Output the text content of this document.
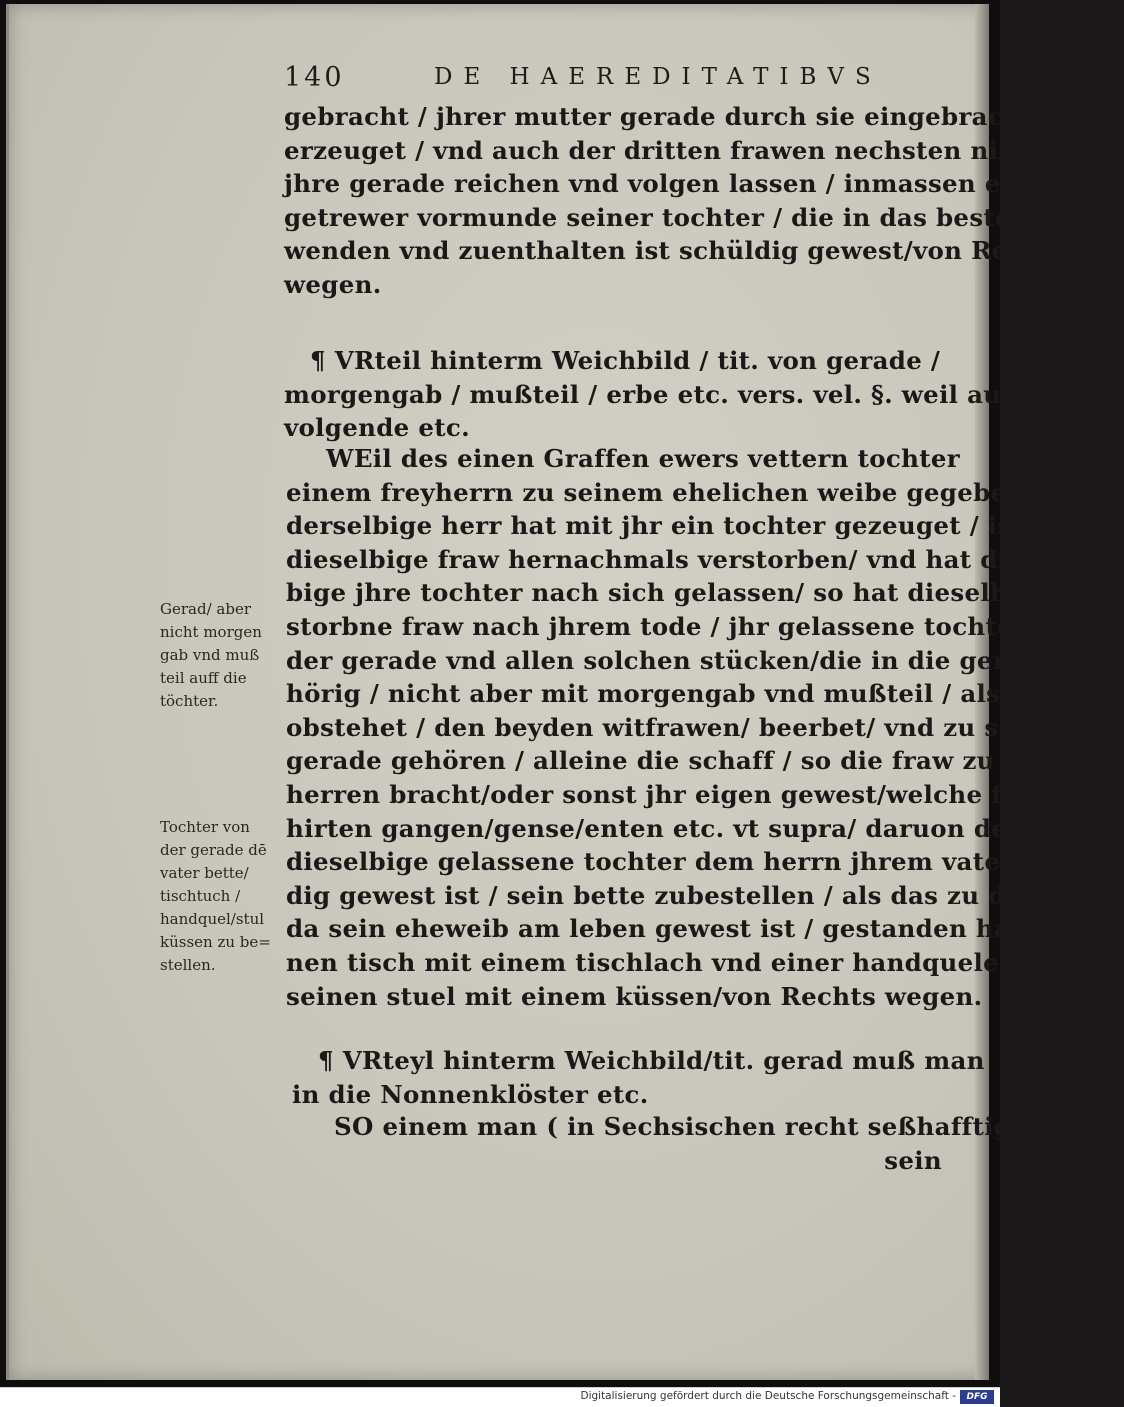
140	DE HAEREDITATIBVS
gebracht / jhrer mutter gerade durch sie eingebracht vnd
erzeuget / vnd auch der dritten frawen nechsten nifftel /
jhre gerade reichen vnd volgen lassen / inmassen er als
getrewer vormunde seiner tochter / die in das beste zu=
wenden vnd zuenthalten ist schüldig gewest/von Rechts
wegen.
¶ VRteil hinterm Weichbild / tit. von gerade /
morgengab / mußteil / erbe etc. vers. vel. §. weil auch
volgende etc.
WEil des einen Graffen ewers vettern tochter
einem freyherrn zu seinem ehelichen weibe gegeben/vnd
derselbige herr hat mit jhr ein tochter gezeuget / ist denn
dieselbige fraw hernachmals verstorben/ vnd hat diesel=
bige jhre tochter nach sich gelassen/ so hat dieselbige ver=
storbne fraw nach jhrem tode / jhr gelassene tochter mit
der gerade vnd allen solchen stücken/die in die gerade ge=
hörig / nicht aber mit morgengab vnd mußteil / als wie
obstehet / den beyden witfrawen/ beerbet/ vnd zu solcher
gerade gehören / alleine die schaff / so die fraw zu jhrem
herren bracht/oder sonst jhr eigen gewest/welche für den
hirten gangen/gense/enten etc. vt supra/ daruon denn
dieselbige gelassene tochter dem herrn jhrem vater schül=
dig gewest ist / sein bette zubestellen / als das zu der zeit/
da sein eheweib am leben gewest ist / gestanden hat / sei=
nen tisch mit einem tischlach vnd einer handquelen/vnd
seinen stuel mit einem küssen/von Rechts wegen.
Gerad/ aber
nicht morgen
gab vnd muß
teil auff die
töchter.
Tochter von
der gerade dē
vater bette/
tischtuch /
handquel/stul
küssen zu be=
stellen.
¶ VRteyl hinterm Weichbild/tit. gerad muß man
in die Nonnenklöster etc.
SO einem man ( in Sechsischen recht seßhafftig )
sein
Digitalisierung gefördert durch die Deutsche Forschungsgemeinschaft -	DFG
